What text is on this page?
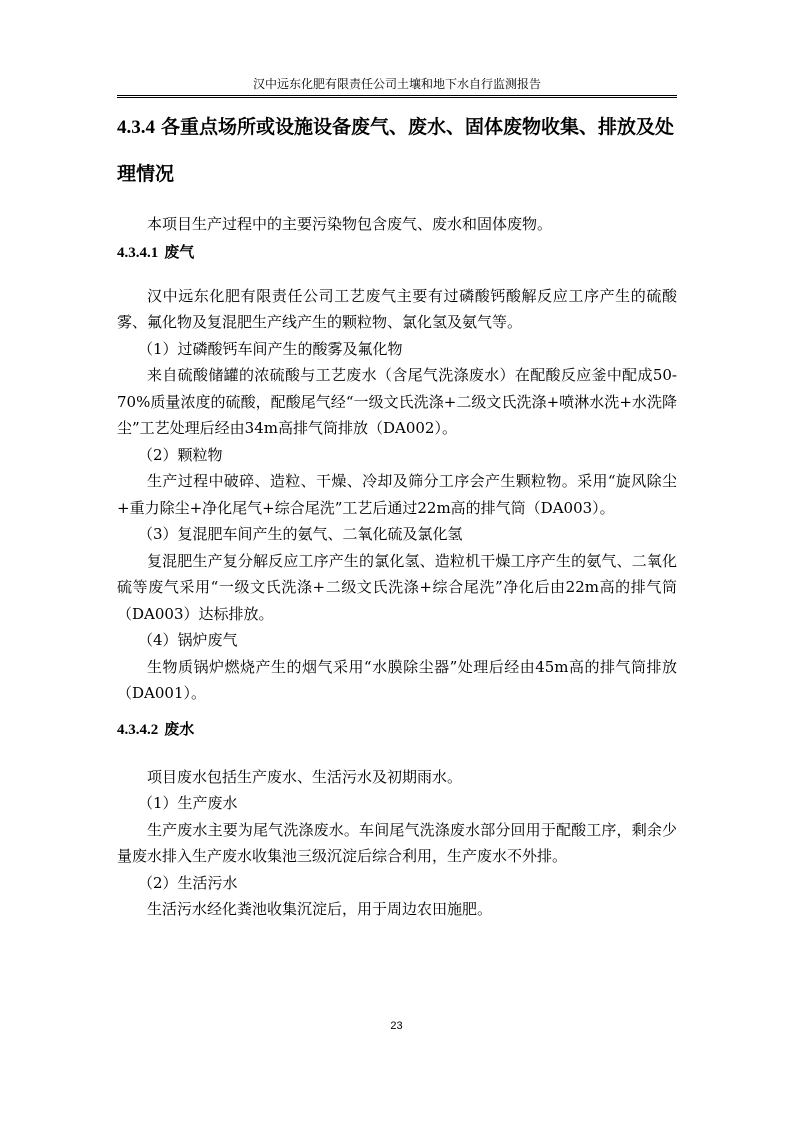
汉中远东化肥有限责任公司土壤和地下水自行监测报告
4.3.4 各重点场所或设施设备废气、废水、固体废物收集、排放及处
理情况

本项目生产过程中的主要污染物包含废气、废水和固体废物。

4.3.4.1 废气

汉中远东化肥有限责任公司工艺废气主要有过磷酸钙酸解反应工序产生的硫酸雾、氟化物及复混肥生产线产生的颗粒物、氯化氢及氨气等。

（1）过磷酸钙车间产生的酸雾及氟化物

来自硫酸储罐的浓硫酸与工艺废水（含尾气洗涤废水）在配酸反应釜中配成50-70%质量浓度的硫酸，配酸尾气经“一级文氏洗涤+二级文氏洗涤+喷淋水洗+水洗降尘”工艺处理后经由34m高排气筒排放（DA002）。

（2）颗粒物

生产过程中破碎、造粒、干燥、冷却及筛分工序会产生颗粒物。采用“旋风除尘+重力除尘+净化尾气+综合尾洗”工艺后通过22m高的排气筒（DA003）。

（3）复混肥车间产生的氨气、二氧化硫及氯化氢

复混肥生产复分解反应工序产生的氯化氢、造粒机干燥工序产生的氨气、二氧化硫等废气采用“一级文氏洗涤+二级文氏洗涤+综合尾洗”净化后由22m高的排气筒（DA003）达标排放。

（4）锅炉废气

生物质锅炉燃烧产生的烟气采用“水膜除尘器”处理后经由45m高的排气筒排放（DA001）。

4.3.4.2 废水

项目废水包括生产废水、生活污水及初期雨水。

（1）生产废水

生产废水主要为尾气洗涤废水。车间尾气洗涤废水部分回用于配酸工序，剩余少量废水排入生产废水收集池三级沉淀后综合利用，生产废水不外排。

（2）生活污水

生活污水经化粪池收集沉淀后，用于周边农田施肥。

23
